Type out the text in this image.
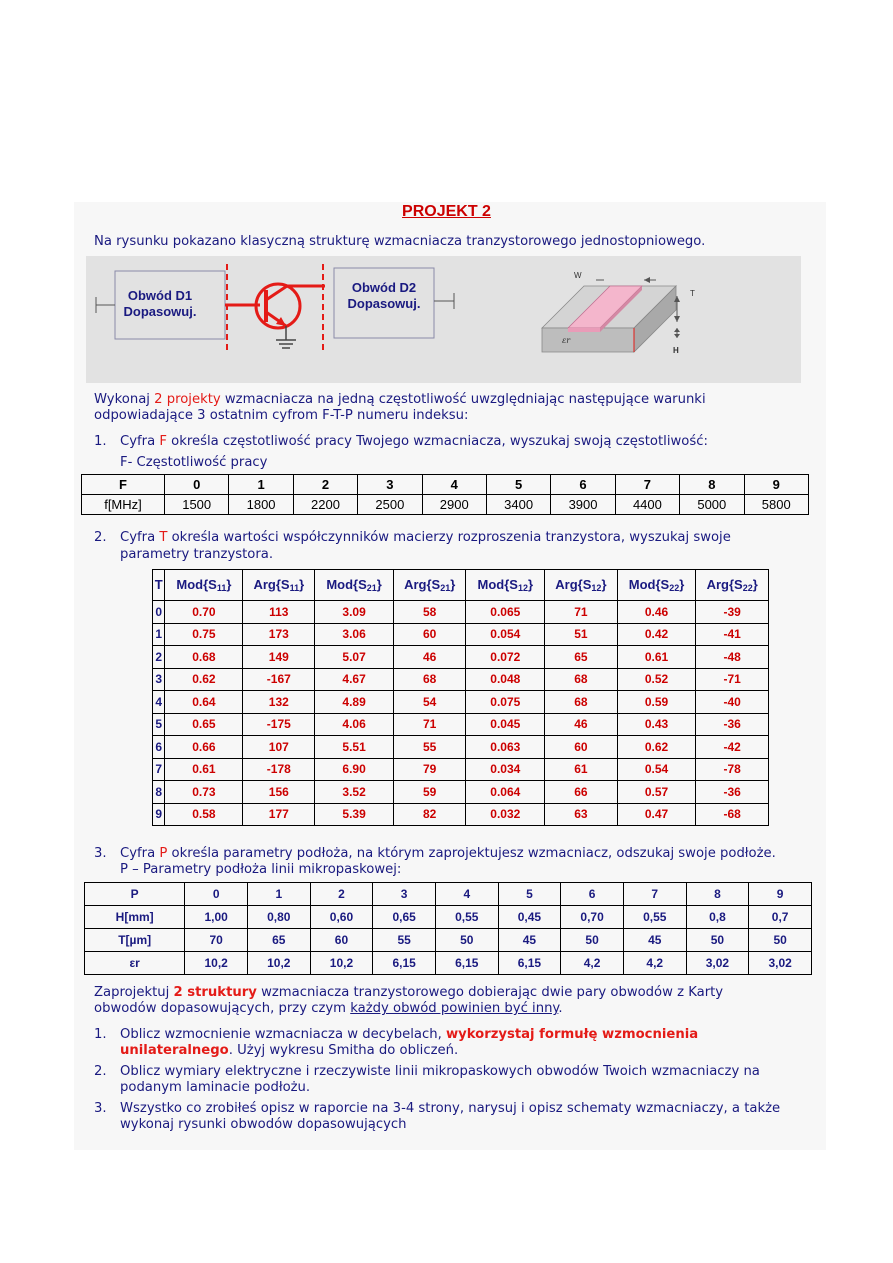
PROJEKT 2
Na rysunku pokazano klasyczną strukturę wzmacniacza tranzystorowego jednostopniowego.
Obwód D1
Dopasowuj.
Obwód D2
Dopasowuj.
W
T
H
εr
Wykonaj 2 projekty wzmacniacza na jedną częstotliwość uwzględniając następujące warunki
odpowiadające 3 ostatnim cyfrom F-T-P numeru indeksu:
1. Cyfra F określa częstotliwość pracy Twojego wzmacniacza, wyszukaj swoją częstotliwość:
F- Częstotliwość pracy
F	0	1	2	3	4	5	6	7	8	9
f[MHz]	1500	1800	2200	2500	2900	3400	3900	4400	5000	5800
2. Cyfra T określa wartości współczynników macierzy rozproszenia tranzystora, wyszukaj swoje
parametry tranzystora.
T	$Mod\{S_{11}\}$	$Arg\{S_{11}\}$	$Mod\{S_{21}\}$	$Arg\{S_{21}\}$	$Mod\{S_{12}\}$	$Arg\{S_{12}\}$	$Mod\{S_{22}\}$	$Arg\{S_{22}\}$
0	0.70	113	3.09	58	0.065	71	0.46	-39
1	0.75	173	3.06	60	0.054	51	0.42	-41
2	0.68	149	5.07	46	0.072	65	0.61	-48
3	0.62	-167	4.67	68	0.048	68	0.52	-71
4	0.64	132	4.89	54	0.075	68	0.59	-40
5	0.65	-175	4.06	71	0.045	46	0.43	-36
6	0.66	107	5.51	55	0.063	60	0.62	-42
7	0.61	-178	6.90	79	0.034	61	0.54	-78
8	0.73	156	3.52	59	0.064	66	0.57	-36
9	0.58	177	5.39	82	0.032	63	0.47	-68
3. Cyfra P określa parametry podłoża, na którym zaprojektujesz wzmacniacz, odszukaj swoje podłoże.
P – Parametry podłoża linii mikropaskowej:
P	0	1	2	3	4	5	6	7	8	9
H[mm]	1,00	0,80	0,60	0,65	0,55	0,45	0,70	0,55	0,8	0,7
T[µm]	70	65	60	55	50	45	50	45	50	50
εr	10,2	10,2	10,2	6,15	6,15	6,15	4,2	4,2	3,02	3,02
Zaprojektuj 2 struktury wzmacniacza tranzystorowego dobierając dwie pary obwodów z Karty
obwodów dopasowujących, przy czym każdy obwód powinien być inny.
1. Oblicz wzmocnienie wzmacniacza w decybelach, wykorzystaj formułę wzmocnienia
unilateralnego. Użyj wykresu Smitha do obliczeń.
2. Oblicz wymiary elektryczne i rzeczywiste linii mikropaskowych obwodów Twoich wzmacniaczy na
podanym laminacie podłożu.
3. Wszystko co zrobiłeś opisz w raporcie na 3-4 strony, narysuj i opisz schematy wzmacniaczy, a także
wykonaj rysunki obwodów dopasowujących
